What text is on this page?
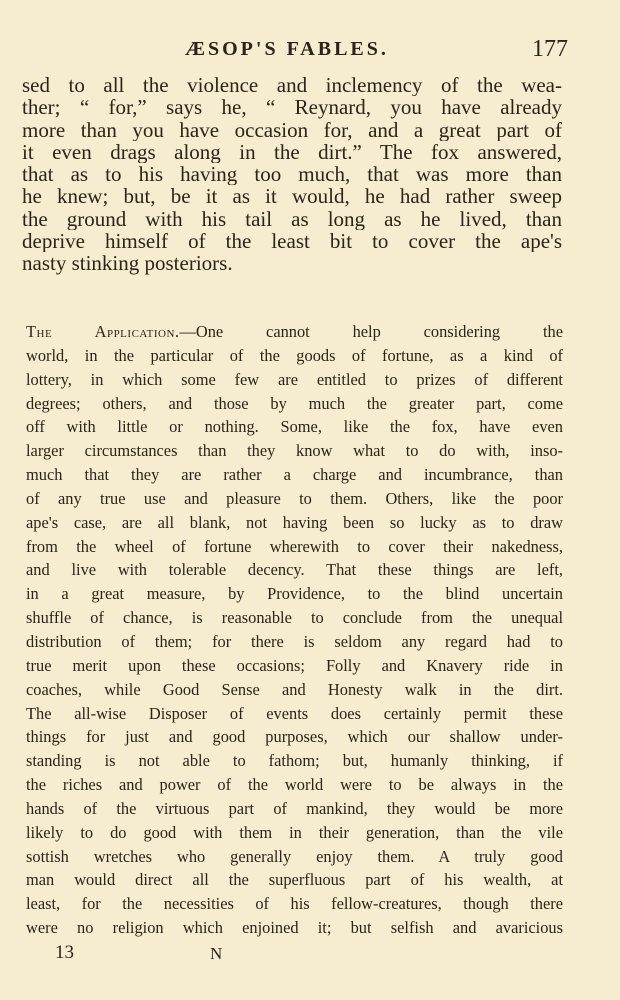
ÆSOP'S FABLES.	177
sed to all the violence and inclemency of the wea-
ther; “ for,” says he, “ Reynard, you have already
more than you have occasion for, and a great part of
it even drags along in the dirt.” The fox answered,
that as to his having too much, that was more than
he knew; but, be it as it would, he had rather sweep
the ground with his tail as long as he lived, than
deprive himself of the least bit to cover the ape's
nasty stinking posteriors.
The Application.—One cannot help considering the
world, in the particular of the goods of fortune, as a kind of
lottery, in which some few are entitled to prizes of different
degrees; others, and those by much the greater part, come
off with little or nothing. Some, like the fox, have even
larger circumstances than they know what to do with, inso-
much that they are rather a charge and incumbrance, than
of any true use and pleasure to them. Others, like the poor
ape's case, are all blank, not having been so lucky as to draw
from the wheel of fortune wherewith to cover their nakedness,
and live with tolerable decency. That these things are left,
in a great measure, by Providence, to the blind uncertain
shuffle of chance, is reasonable to conclude from the unequal
distribution of them; for there is seldom any regard had to
true merit upon these occasions; Folly and Knavery ride in
coaches, while Good Sense and Honesty walk in the dirt.
The all-wise Disposer of events does certainly permit these
things for just and good purposes, which our shallow under-
standing is not able to fathom; but, humanly thinking, if
the riches and power of the world were to be always in the
hands of the virtuous part of mankind, they would be more
likely to do good with them in their generation, than the vile
sottish wretches who generally enjoy them. A truly good
man would direct all the superfluous part of his wealth, at
least, for the necessities of his fellow-creatures, though there
were no religion which enjoined it; but selfish and avaricious
13	N
